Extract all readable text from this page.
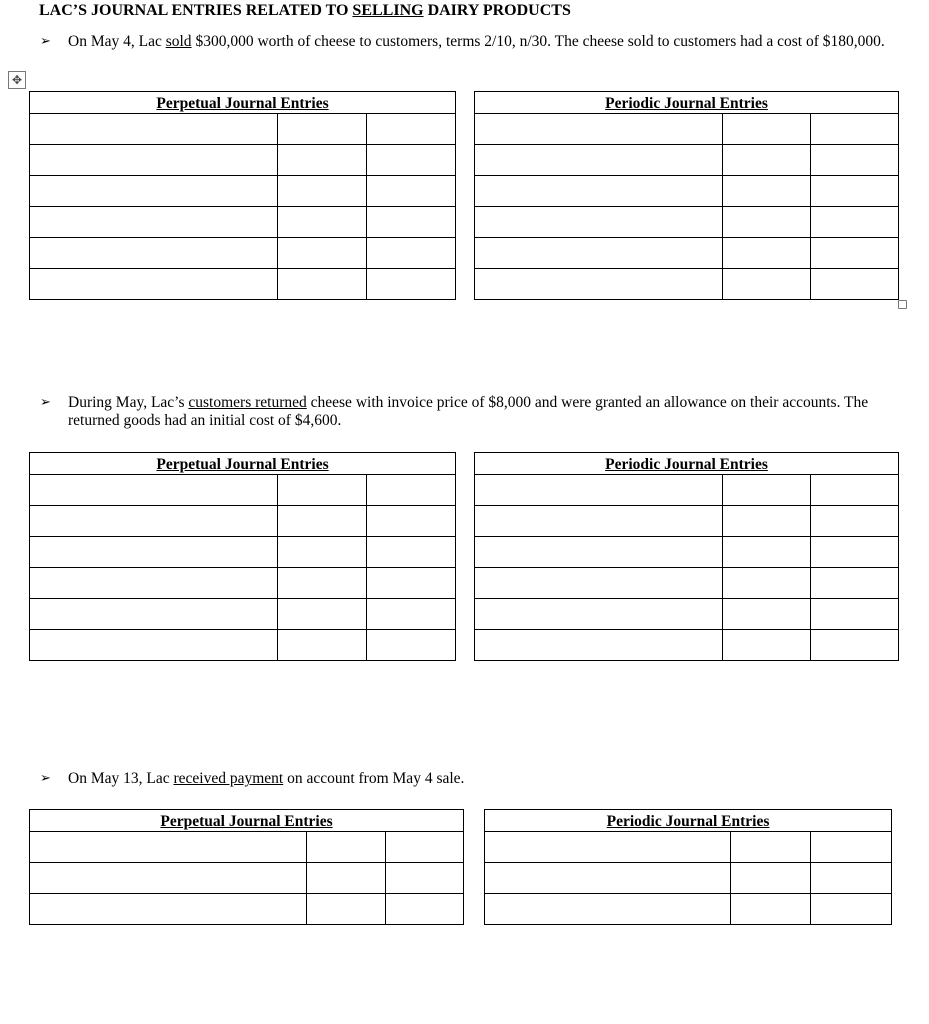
LAC’S JOURNAL ENTRIES RELATED TO SELLING DAIRY PRODUCTS
✥
➢ On May 4, Lac sold $300,000 worth of cheese to customers, terms 2/10, n/30. The cheese sold to customers had a cost of $180,000.
Perpetual Journal Entries		

			Periodic Journal Entries		

➢ During May, Lac’s customers returned cheese with invoice price of $8,000 and were granted an allowance on their accounts. The returned goods had an initial cost of $4,600.
Perpetual Journal Entries		

			Periodic Journal Entries		

➢ On May 13, Lac received payment on account from May 4 sale.
Perpetual Journal Entries		

			Periodic Journal Entries		
